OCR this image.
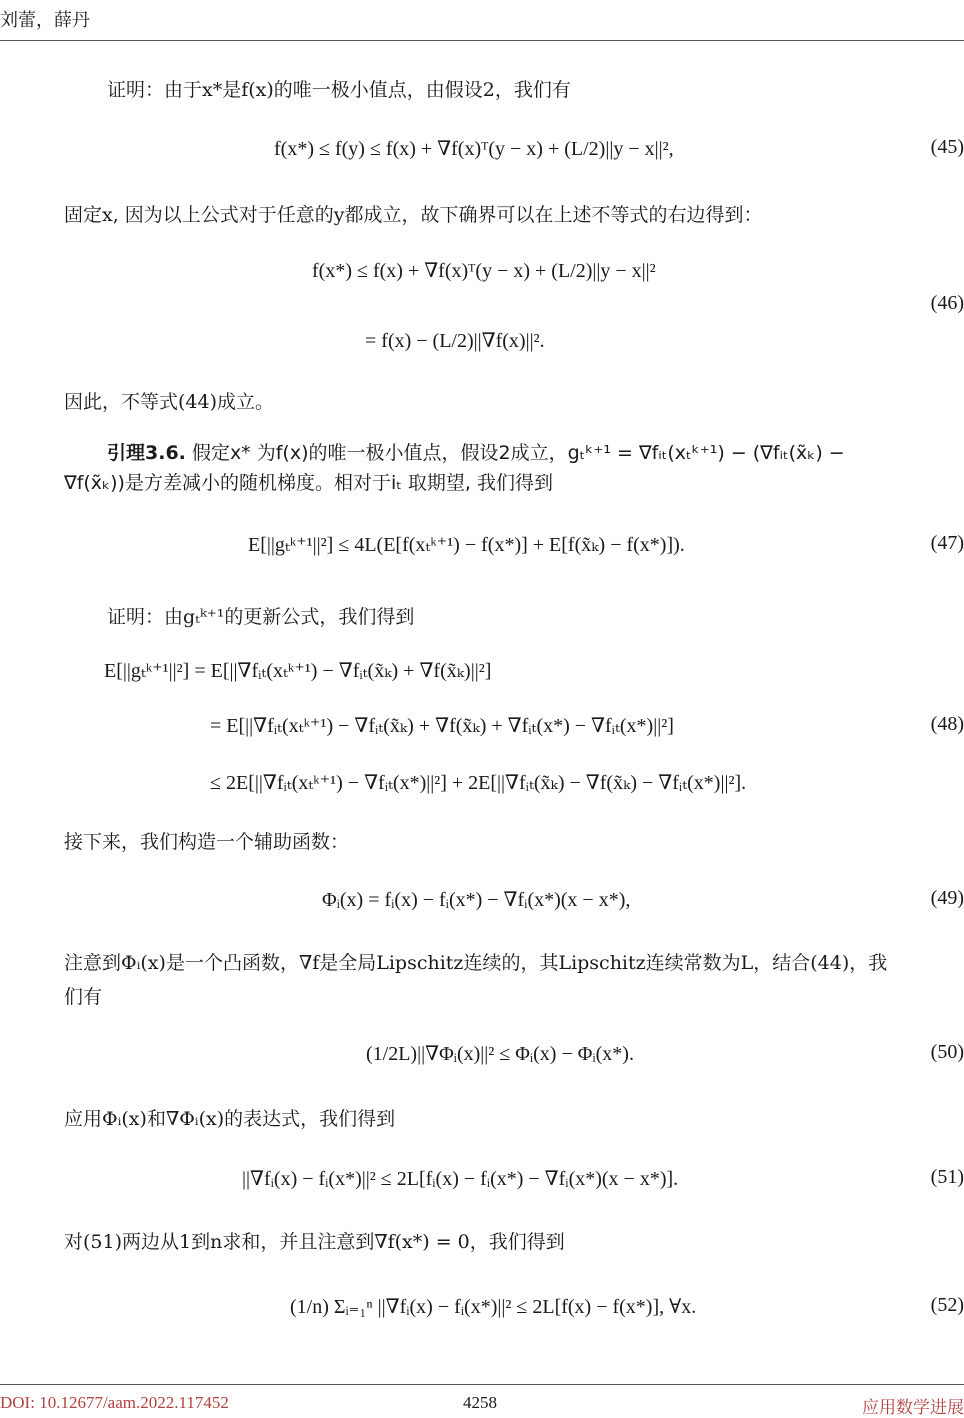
刘蕾，薛丹
证明：由于x*是f(x)的唯一极小值点，由假设2，我们有
f(x*) ≤ f(y) ≤ f(x) + ∇f(x)ᵀ(y − x) + (L/2)||y − x||²,	(45)
固定x, 因为以上公式对于任意的y都成立，故下确界可以在上述不等式的右边得到：
f(x*) ≤ f(x) + ∇f(x)ᵀ(y − x) + (L/2)||y − x||²
= f(x) − (L/2)||∇f(x)||².
(46)
因此，不等式(44)成立。
引理3.6. 假定x* 为f(x)的唯一极小值点，假设2成立，gₜᵏ⁺¹ = ∇fᵢₜ(xₜᵏ⁺¹) − (∇fᵢₜ(x̃ₖ) −
∇f(x̃ₖ))是方差减小的随机梯度。相对于iₜ 取期望, 我们得到
E[||gₜᵏ⁺¹||²] ≤ 4L(E[f(xₜᵏ⁺¹) − f(x*)] + E[f(x̃ₖ) − f(x*)]).	(47)
证明：由gₜᵏ⁺¹的更新公式，我们得到
E[||gₜᵏ⁺¹||²] = E[||∇fᵢₜ(xₜᵏ⁺¹) − ∇fᵢₜ(x̃ₖ) + ∇f(x̃ₖ)||²]
= E[||∇fᵢₜ(xₜᵏ⁺¹) − ∇fᵢₜ(x̃ₖ) + ∇f(x̃ₖ) + ∇fᵢₜ(x*) − ∇fᵢₜ(x*)||²]
≤ 2E[||∇fᵢₜ(xₜᵏ⁺¹) − ∇fᵢₜ(x*)||²] + 2E[||∇fᵢₜ(x̃ₖ) − ∇f(x̃ₖ) − ∇fᵢₜ(x*)||²].
(48)
接下来，我们构造一个辅助函数：
Φᵢ(x) = fᵢ(x) − fᵢ(x*) − ∇fᵢ(x*)(x − x*),	(49)
注意到Φᵢ(x)是一个凸函数，∇f是全局Lipschitz连续的，其Lipschitz连续常数为L，结合(44)，我
们有
(1/2L)||∇Φᵢ(x)||² ≤ Φᵢ(x) − Φᵢ(x*).	(50)
应用Φᵢ(x)和∇Φᵢ(x)的表达式，我们得到
||∇fᵢ(x) − fᵢ(x*)||² ≤ 2L[fᵢ(x) − fᵢ(x*) − ∇fᵢ(x*)(x − x*)].	(51)
对(51)两边从1到n求和，并且注意到∇f(x*) = 0，我们得到
(1/n) Σᵢ₌₁ⁿ ||∇fᵢ(x) − fᵢ(x*)||² ≤ 2L[f(x) − f(x*)], ∀x.	(52)
DOI: 10.12677/aam.2022.117452	4258	应用数学进展
